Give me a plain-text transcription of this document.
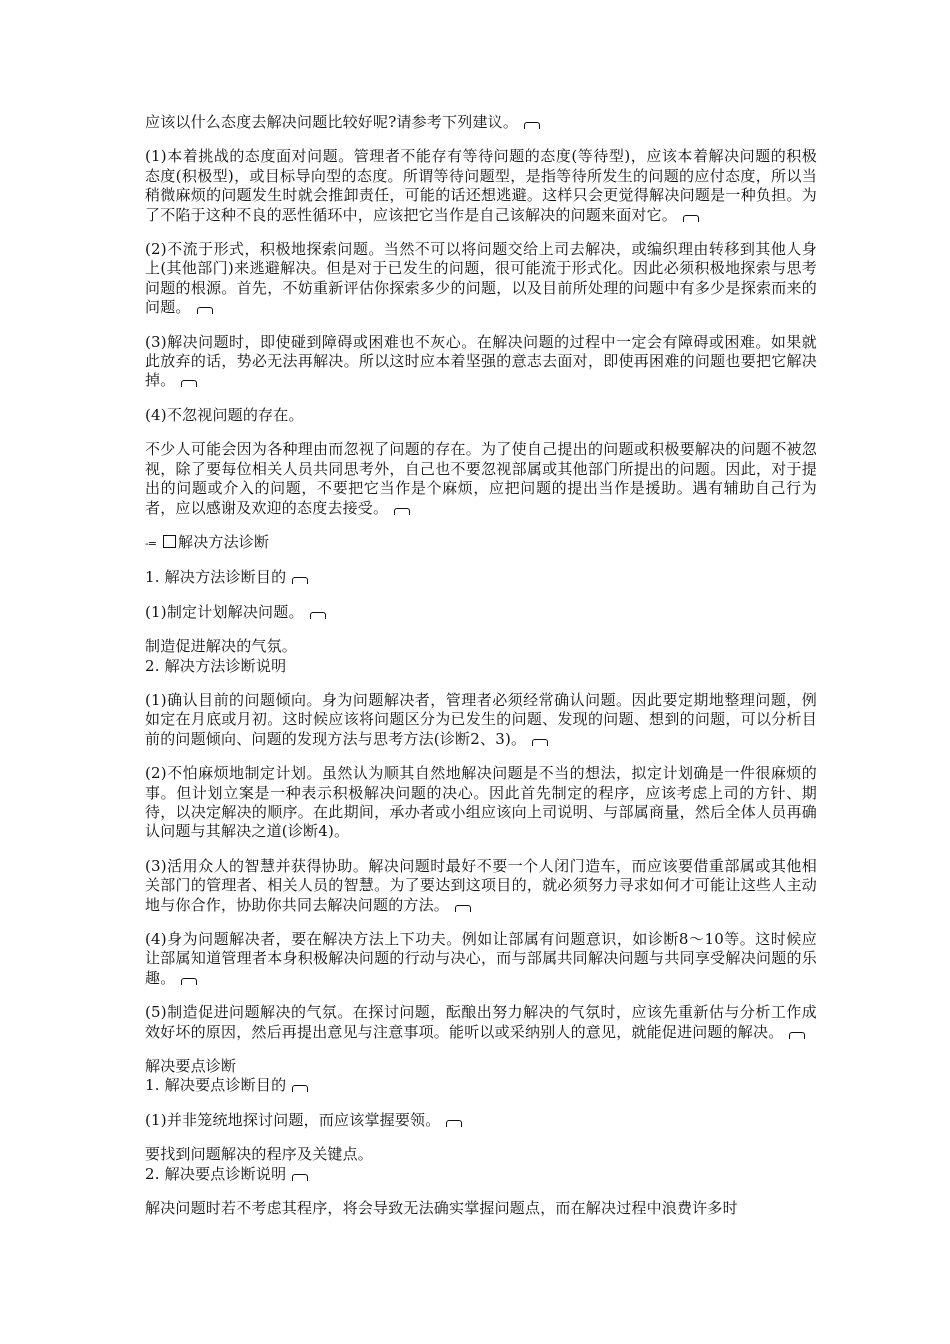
应该以什么态度去解决问题比较好呢?请参考下列建议。

(1)本着挑战的态度面对问题。管理者不能存有等待问题的态度(等待型)，应该本着解决问题的积极态度(积极型)，或目标导向型的态度。所谓等待问题型，是指等待所发生的问题的应付态度，所以当稍微麻烦的问题发生时就会推卸责任，可能的话还想逃避。这样只会更觉得解决问题是一种负担。为了不陷于这种不良的恶性循环中，应该把它当作是自己该解决的问题来面对它。

(2)不流于形式，积极地探索问题。当然不可以将问题交给上司去解决，或编织理由转移到其他人身上(其他部门)来逃避解决。但是对于已发生的问题，很可能流于形式化。因此必须积极地探索与思考问题的根源。首先，不妨重新评估你探索多少的问题，以及目前所处理的问题中有多少是探索而来的问题。

(3)解决问题时，即使碰到障碍或困难也不灰心。在解决问题的过程中一定会有障碍或困难。如果就此放弃的话，势必无法再解决。所以这时应本着坚强的意志去面对，即使再困难的问题也要把它解决掉。

(4)不忽视问题的存在。

不少人可能会因为各种理由而忽视了问题的存在。为了使自己提出的问题或积极要解决的问题不被忽视，除了要每位相关人员共同思考外，自己也不要忽视部属或其他部门所提出的问题。因此，对于提出的问题或介入的问题，不要把它当作是个麻烦，应把问题的提出当作是援助。遇有辅助自己行为者，应以感谢及欢迎的态度去接受。

-= 解决方法诊断

1. 解决方法诊断目的

(1)制定计划解决问题。

制造促进解决的气氛。

2. 解决方法诊断说明

(1)确认目前的问题倾向。身为问题解决者，管理者必须经常确认问题。因此要定期地整理问题，例如定在月底或月初。这时候应该将问题区分为已发生的问题、发现的问题、想到的问题，可以分析目前的问题倾向、问题的发现方法与思考方法(诊断2、3)。

(2)不怕麻烦地制定计划。虽然认为顺其自然地解决问题是不当的想法，拟定计划确是一件很麻烦的事。但计划立案是一种表示积极解决问题的决心。因此首先制定的程序，应该考虑上司的方针、期待，以决定解决的顺序。在此期间，承办者或小组应该向上司说明、与部属商量，然后全体人员再确认问题与其解决之道(诊断4)。

(3)活用众人的智慧并获得协助。解决问题时最好不要一个人闭门造车，而应该要借重部属或其他相关部门的管理者、相关人员的智慧。为了要达到这项目的，就必须努力寻求如何才可能让这些人主动地与你合作，协助你共同去解决问题的方法。

(4)身为问题解决者，要在解决方法上下功夫。例如让部属有问题意识，如诊断8～10等。这时候应让部属知道管理者本身积极解决问题的行动与决心，而与部属共同解决问题与共同享受解决问题的乐趣。

(5)制造促进问题解决的气氛。在探讨问题，酝酿出努力解决的气氛时，应该先重新估与分析工作成效好坏的原因，然后再提出意见与注意事项。能听以或采纳别人的意见，就能促进问题的解决。

解决要点诊断

1. 解决要点诊断目的

(1)并非笼统地探讨问题，而应该掌握要领。

要找到问题解决的程序及关键点。

2. 解决要点诊断说明

解决问题时若不考虑其程序，将会导致无法确实掌握问题点，而在解决过程中浪费许多时
